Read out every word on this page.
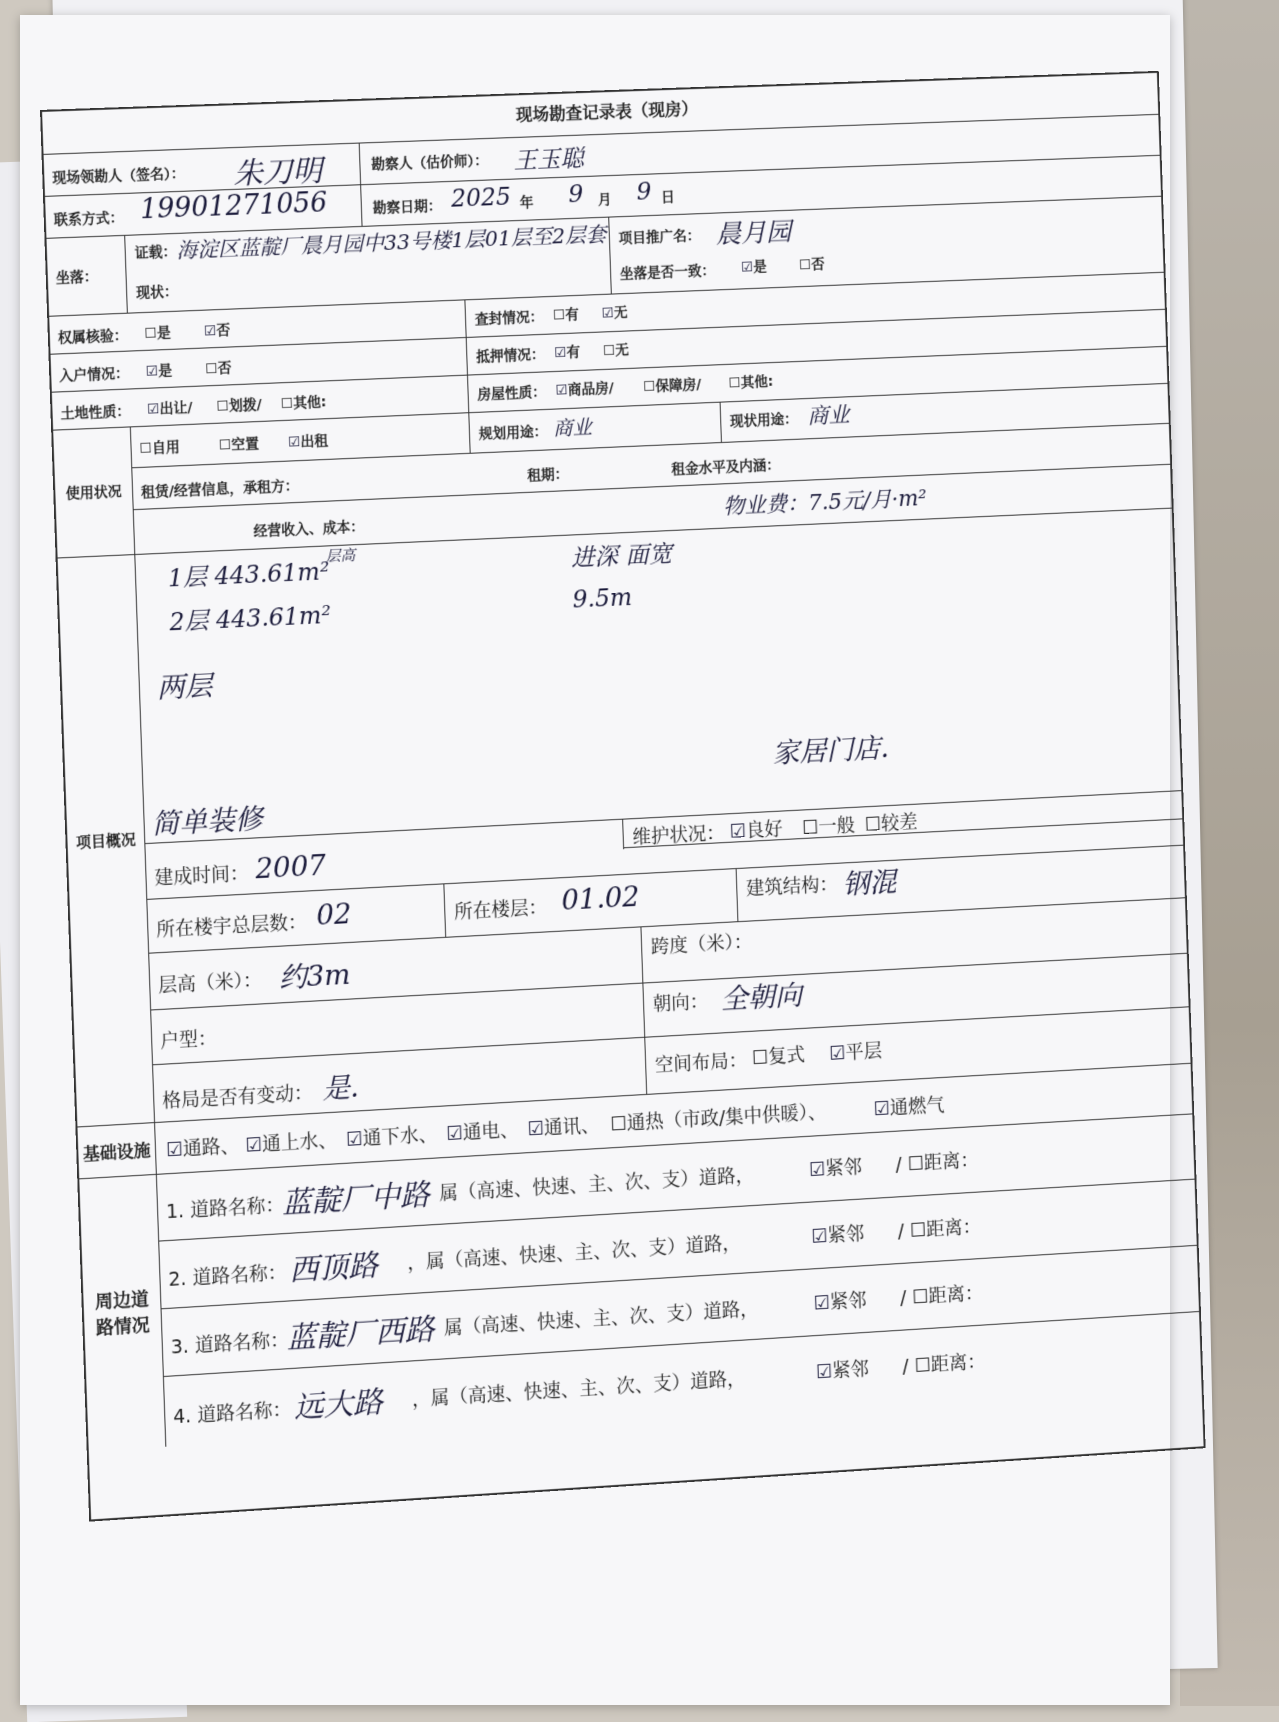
现场勘查记录表（现房）
现场领勘人（签名）： 朱刀明	勘察人（估价师）： 王玉聪
联系方式： 19901271056	勘察日期： 2025 年 9 月 9 日
坐落：
证载： 海淀区蓝靛厂晨月园中33号楼1层01层至2层套
现状：
项目推广名： 晨月园
坐落是否一致： ☑是 ☐否
权属核验： ☐是 ☑否
查封情况： ☐有 ☑无
入户情况： ☑是 ☐否
抵押情况： ☑有 ☐无
土地性质： ☑出让/ ☐划拨/ ☐其他:
房屋性质： ☑商品房/ ☐保障房/ ☐其他:
使用状况
☐自用	☐空置 ☑出租	规划用途： 商业	现状用途： 商业
租赁/经营信息，承租方：
租期：	租金水平及内涵：
经营收入、成本：
物业费：7.5元/月·m²
项目概况
1层 443.61m²
层高
2层 443.61m²
进深 面宽
9.5m
两层
家居门店.
简单装修
建成时间： 2007
维护状况： ☑良好 ☐一般 ☐较差
所在楼宇总层数： 02	所在楼层： 01.02	建筑结构： 钢混
层高（米）： 约3m
户型：
跨度（米）：
朝向： 全朝向
格局是否有变动： 是.
空间布局： ☐复式 ☑平层
基础设施 ☑通路、 ☑通上水、 ☑通下水、 ☑通电、 ☑通讯、 ☐通热（市政/集中供暖）、 ☑通燃气
周边道路情况
1. 道路名称：
蓝靛厂中路 属（高速、快速、主、次、支）道路，	☑紧邻 / ☐距离：
2. 道路名称： 西顶路 ，属（高速、快速、主、次、支）道路，	☑紧邻 / ☐距离：
3. 道路名称：
蓝靛厂西路 属（高速、快速、主、次、支）道路，	☑紧邻 / ☐距离：
4. 道路名称： 远大路 ，属（高速、快速、主、次、支）道路，	☑紧邻 / ☐距离：
